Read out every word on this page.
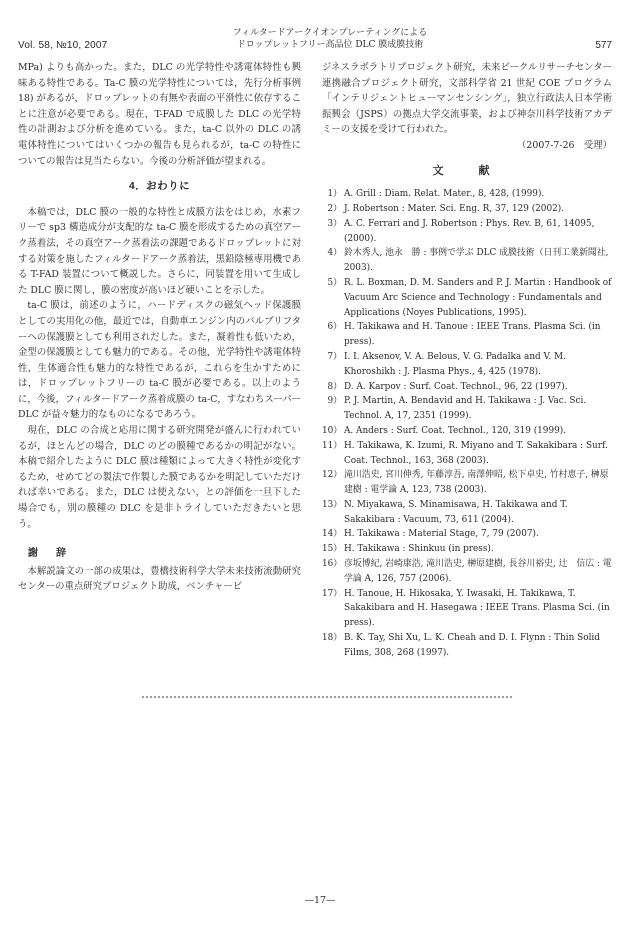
Vol. 58, №10, 2007
フィルタードアークイオンプレーティングによる
ドロップレットフリー高品位 DLC 膜成膜技術	577

MPa) よりも高かった。また，DLC の光学特性や誘電体特性も興味ある特性である。Ta-C 膜の光学特性については，先行分析事例18) があるが，ドロップレットの有無や表面の平滑性に依存することに注意が必要である。現在，T-FAD で成膜した DLC の光学特性の計測および分析を進めている。また，ta-C 以外の DLC の誘電体特性についてはいくつかの報告も見られるが，ta-C の特性についての報告は見当たらない。今後の分析評価が望まれる。

4．おわりに

本稿では，DLC 膜の一般的な特性と成膜方法をはじめ，水素フリーで sp3 構造成分が支配的な ta-C 膜を形成するための真空アーク蒸着法，その真空アーク蒸着法の課題であるドロップレットに対する対策を施したフィルタードアーク蒸着法，黒鉛陰極専用機である T-FAD 装置について概説した。さらに，同装置を用いて生成した DLC 膜に関し，膜の密度が高いほど硬いことを示した。

ta-C 膜は，前述のように，ハードディスクの磁気ヘッド保護膜としての実用化の他，最近では，自動車エンジン内のバルブリフターへの保護膜としても利用されだした。また，凝着性も低いため，金型の保護膜としても魅力的である。その他，光学特性や誘電体特性，生体適合性も魅力的な特性であるが，これらを生かすためには，ドロップレットフリーの ta-C 膜が必要である。以上のように，今後，フィルタードアーク蒸着成膜の ta-C，すなわちスーパー DLC が益々魅力的なものになるであろう。

現在，DLC の合成と応用に関する研究開発が盛んに行われているが，ほとんどの場合，DLC のどの膜種であるかの明記がない。本稿で紹介したように DLC 膜は種類によって大きく特性が変化するため，せめてどの製法で作製した膜であるかを明記していただければ幸いである。また，DLC は使えない，との評価を一旦下した場合でも，別の膜種の DLC を是非トライしていただきたいと思う。

謝　辞

本解説論文の一部の成果は，豊橋技術科学大学未来技術流動研究センターの重点研究プロジェクト助成，ベンチャービ

ジネスラボラトリプロジェクト研究，未来ビークルリサーチセンター連携融合プロジェクト研究，文部科学省 21 世紀 COE プログラム「インテリジェントヒューマンセンシング」，独立行政法人日本学術振興会（JSPS）の拠点大学交流事業，および神奈川科学技術アカデミーの支援を受けて行われた。

（2007-7-26　受理）

文　献
1） A. Grill : Diam. Relat. Mater., 8, 428, (1999).
2） J. Robertson : Mater. Sci. Eng. R, 37, 129 (2002).
3） A. C. Ferrari and J. Robertson : Phys. Rev. B, 61, 14095, (2000).
4） 鈴木秀人, 池永　勝 : 事例で学ぶ DLC 成膜技術（日刊工業新聞社, 2003).
5） R. L. Boxman, D. M. Sanders and P. J. Martin : Handbook of Vacuum Arc Science and Technology : Fundamentals and Applications (Noyes Publications, 1995).
6） H. Takikawa and H. Tanoue : IEEE Trans. Plasma Sci. (in press).
7） I. I. Aksenov, V. A. Belous, V. G. Padalka and V. M. Khoroshikh : J. Plasma Phys., 4, 425 (1978).
8） D. A. Karpov : Surf. Coat. Technol., 96, 22 (1997).
9） P. J. Martin, A. Bendavid and H. Takikawa : J. Vac. Sci. Technol. A, 17, 2351 (1999).
10） A. Anders : Surf. Coat. Technol., 120, 319 (1999).
11） H. Takikawa, K. Izumi, R. Miyano and T. Sakakibara : Surf. Coat. Technol., 163, 368 (2003).
12） 滝川浩史, 宮川伸秀, 年藤淳吾, 南澤伸昭, 松下卓史, 竹村恵子, 榊原建樹 : 電学論 A, 123, 738 (2003).
13） N. Miyakawa, S. Minamisawa, H. Takikawa and T. Sakakibara : Vacuum, 73, 611 (2004).
14） H. Takikawa : Material Stage, 7, 79 (2007).
15） H. Takikawa : Shinkuu (in press).
16） 彦坂博紀, 岩崎康浩, 滝川浩史, 榊原建樹, 長谷川裕史, 辻　信広 : 電学論 A, 126, 757 (2006).
17） H. Tanoue, H. Hikosaka, Y. Iwasaki, H. Takikawa, T. Sakakibara and H. Hasegawa : IEEE Trans. Plasma Sci. (in press).
18） B. K. Tay, Shi Xu, L. K. Cheah and D. I. Flynn : Thin Solid Films, 308, 268 (1997).
—17—
